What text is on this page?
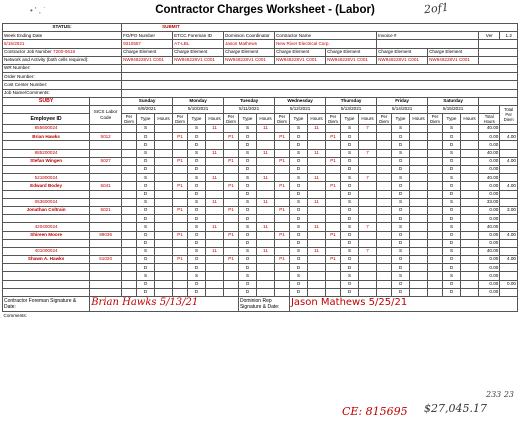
• ' , ˙	Contractor Charges Worksheet - (Labor)	2of1
STATUS:		SUBMIT																						
Week Ending Date		FO/PO Number			ETCC Foreman ID			Dominion Coordinator			Contractor Name						Invoice #						Ver	1.2
5/15/2021		9310557			A7-LBL			Jason Mathews			New River Electrical Corp.													
Contractor Job Number 7200-0618		Charge Element			Charge Element			Charge Element			Charge Element			Charge Element			Charge Element			Charge Element				
Network and Activity (both cells required):		NW948228V1 C001			NW948228V1 C001			NW948228V1 C001			NW948228V1 C001			NW948228V1 C001			NW948228V1 C001			NW948228V1 C001				
WR Number:																								
Order Number:																								
Cost Center Number:																								
Job Name/Comments:																								
SUBY		Sunday			Monday			Tuesday			Wednesday			Thursday			Friday			Saturday				
	SICS Labor Code	5/9/2021			5/10/2021			5/11/2021			5/12/2021			5/13/2021			5/14/2021			5/15/2021				Total Per Diem
Employee ID		Per Diem	Type	Hours	Per Diem	Type	Hours	Per Diem	Type	Hours	Per Diem	Type	Hours	Per Diem	Type	Hours	Per Diem	Type	Hours	Per Diem	Type	Hours	Total Hours	
855600024			S			S	11		S	11		S	11		S	7		S			S		40.00	
Brian Hawks	5012		O		P1	O		P1	O		P1	O		P1	O			O			O		0.00	4.00
			D			D			D			D			D			D			D		0.00	
885200024			S			S	11		S	11		S	11		S	7		S			S		40.00	
Stefan Wingen	5027		O		P1	O		P1	O		P1	O		P1	O			O			O		0.00	4.00
			D			D			D			D			D			D			D		0.00	
521900024			S			S	11		S	11		S	11		S	7		S			S		40.00	
Edward Bodey	5041		O		P1	O		P1	O		P1	O		P1	O			O			O		0.00	4.00
			D			D			D			D			D			D			D		0.00	
063600024			S			S	11		S	11		S	11		S			S			S		33.00	
Jonathan Coltrain	5021		O		P1	O		P1	O		P1	O			O			O			O		0.00	3.00
			D			D			D			D			D			D			D		0.00	
420400024			S			S	11		S	11		S	11		S	7		S			S		40.00	
Shireen Moore	99036		O		P1	O		P1	O		P1	O		P1	O			O			O		0.00	4.00
			D			D			D			D			D			D			D		0.00	
401000024			S			S	11		S	11		S	11		S	7		S			S		40.00	
Shawn A. Hawks	51020		O		P1	O		P1	O		P1	O		P1	O			O			O		0.00	4.00
			D			D			D			D			D			D			D		0.00	
			S			S			S			S			S			S			S		0.00	
			O			O			O			O			O			O			O		0.00	0.00
			D			D			D			D			D			D			D		0.00	
Contractor Foreman Signature & Date:	Brian Hawks 5/13/21								Dominion Rep Signature & Date:			Jason Mathews 5/25/21												
Comments:																								
233 23
CE: 815695 $27,045.17
